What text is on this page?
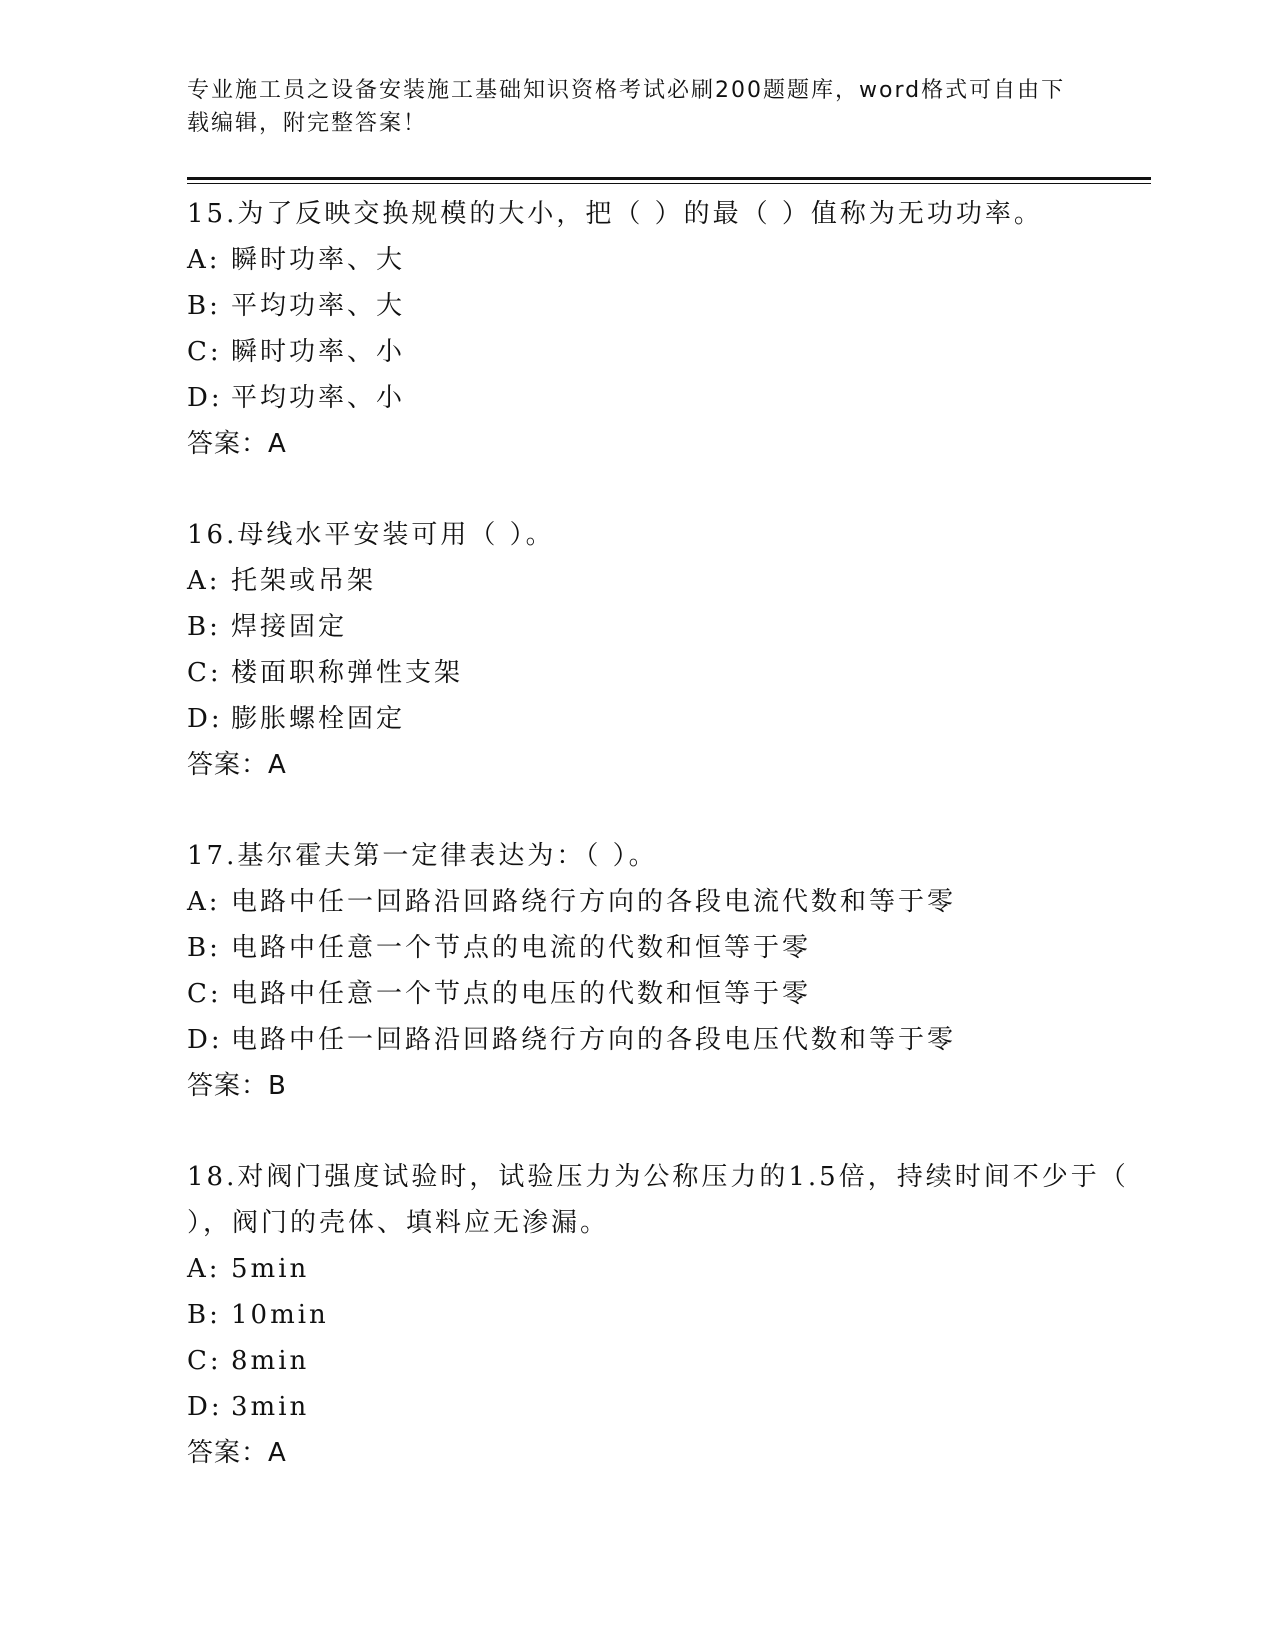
专业施工员之设备安装施工基础知识资格考试必刷200题题库，word格式可自由下载编辑，附完整答案！

15.为了反映交换规模的大小，把（ ）的最（ ）值称为无功功率。

A: 瞬时功率、大

B: 平均功率、大

C: 瞬时功率、小

D: 平均功率、小

答案：A

16.母线水平安装可用（ ）。

A: 托架或吊架

B: 焊接固定

C: 楼面职称弹性支架

D: 膨胀螺栓固定

答案：A

17.基尔霍夫第一定律表达为：（ ）。

A: 电路中任一回路沿回路绕行方向的各段电流代数和等于零

B: 电路中任意一个节点的电流的代数和恒等于零

C: 电路中任意一个节点的电压的代数和恒等于零

D: 电路中任一回路沿回路绕行方向的各段电压代数和等于零

答案：B

18.对阀门强度试验时，试验压力为公称压力的1.5倍，持续时间不少于（ ），阀门的壳体、填料应无渗漏。

A: 5min

B: 10min

C: 8min

D: 3min

答案：A
